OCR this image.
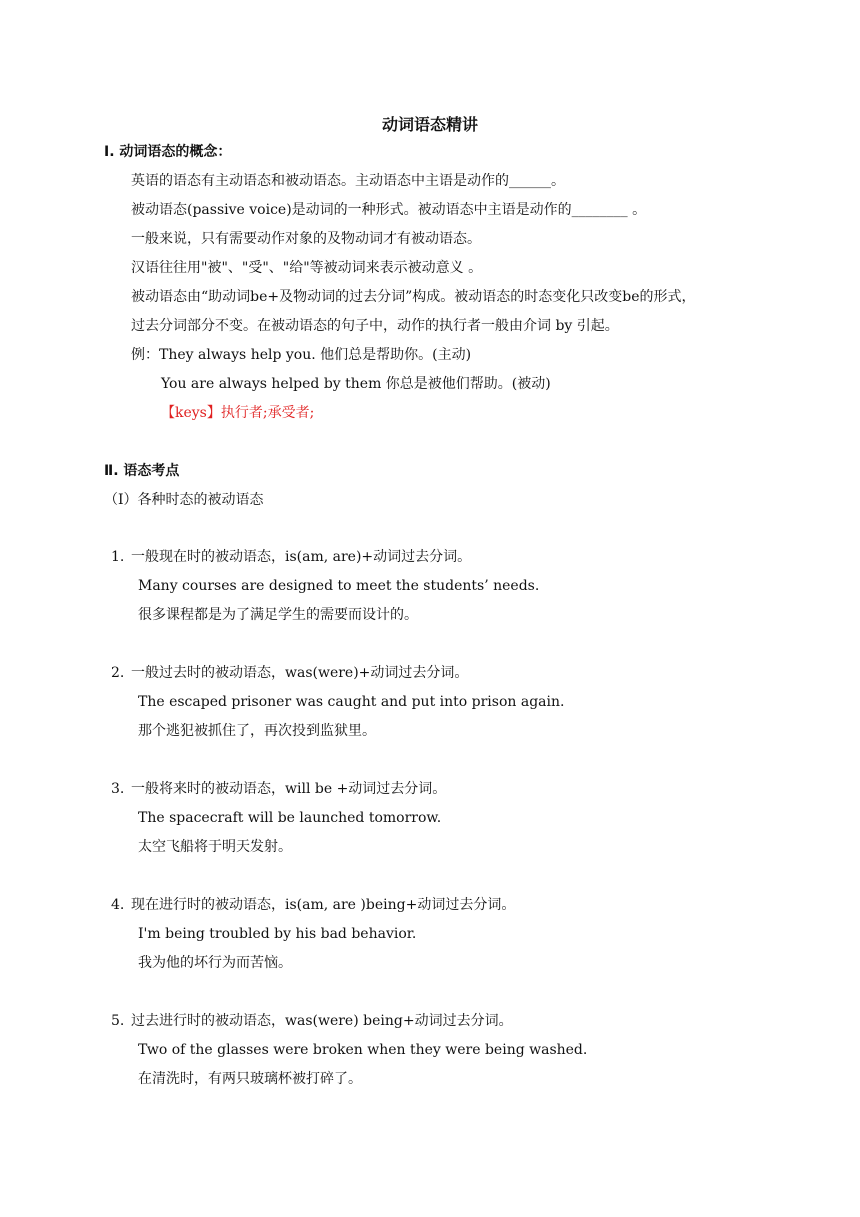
动词语态精讲
Ⅰ. 动词语态的概念：
英语的语态有主动语态和被动语态。主动语态中主语是动作的______。
被动语态(passive voice)是动词的一种形式。被动语态中主语是动作的________ 。
一般来说，只有需要动作对象的及物动词才有被动语态。
汉语往往用"被"、"受"、"给"等被动词来表示被动意义 。
被动语态由“助动词be+及物动词的过去分词”构成。被动语态的时态变化只改变be的形式，
过去分词部分不变。在被动语态的句子中，动作的执行者一般由介词 by 引起。
例：They always help you. 他们总是帮助你。(主动)
You are always helped by them 你总是被他们帮助。(被动)
【keys】执行者;承受者;
Ⅱ. 语态考点
（Ⅰ）各种时态的被动语态
1. 一般现在时的被动语态，is(am, are)+动词过去分词。
Many courses are designed to meet the students’ needs.
很多课程都是为了满足学生的需要而设计的。
2. 一般过去时的被动语态，was(were)+动词过去分词。
The escaped prisoner was caught and put into prison again.
那个逃犯被抓住了，再次投到监狱里。
3. 一般将来时的被动语态，will be +动词过去分词。
The spacecraft will be launched tomorrow.
太空飞船将于明天发射。
4. 现在进行时的被动语态，is(am, are )being+动词过去分词。
I'm being troubled by his bad behavior.
我为他的坏行为而苦恼。
5. 过去进行时的被动语态，was(were) being+动词过去分词。
Two of the glasses were broken when they were being washed.
在清洗时，有两只玻璃杯被打碎了。
